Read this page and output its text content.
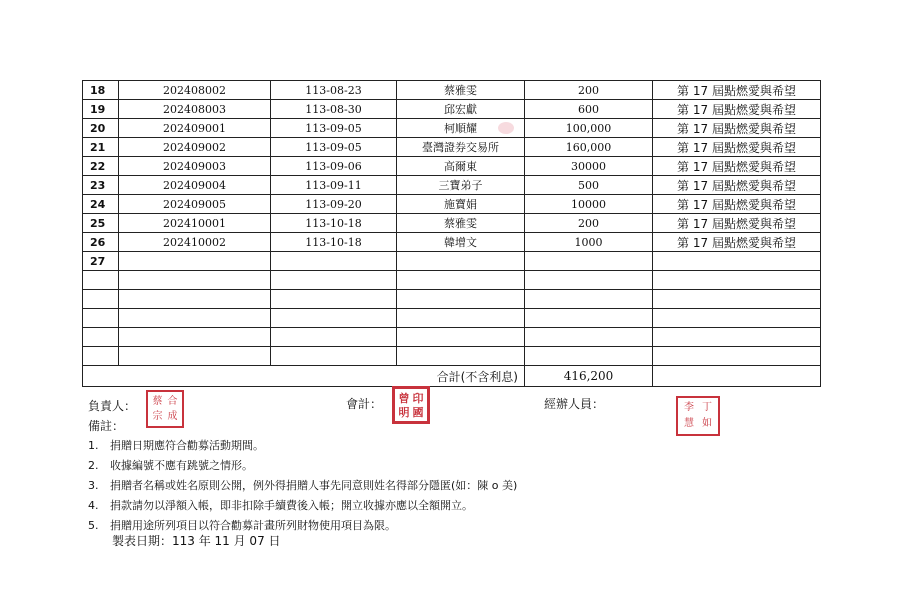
18	202408002	113-08-23	蔡雅雯	200	第 17 屆點燃愛與希望
19	202408003	113-08-30	邱宏獻	600	第 17 屆點燃愛與希望
20	202409001	113-09-05	柯順耀	100,000	第 17 屆點燃愛與希望
21	202409002	113-09-05	臺灣證券交易所	160,000	第 17 屆點燃愛與希望
22	202409003	113-09-06	高爾東	30000	第 17 屆點燃愛與希望
23	202409004	113-09-11	三寶弟子	500	第 17 屆點燃愛與希望
24	202409005	113-09-20	施寶娟	10000	第 17 屆點燃愛與希望
25	202410001	113-10-18	蔡雅雯	200	第 17 屆點燃愛與希望
26	202410002	113-10-18	韓增文	1000	第 17 屆點燃愛與希望
27					

合計(不含利息)				416,200	
負責人： 蔡 合
宗 成
會計： 曾 印
明 國
經辦人員：	李 丁
慧 如
備註：
1. 捐贈日期應符合勸募活動期間。
2. 收據編號不應有跳號之情形。
3. 捐贈者名稱或姓名原則公開，例外得捐贈人事先同意則姓名得部分隱匿(如：陳 o 美)
4. 捐款請勿以淨額入帳，即非扣除手續費後入帳；開立收據亦應以全額開立。
5. 捐贈用途所列項目以符合勸募計畫所列財物使用項目為限。
製表日期：113 年 11 月 07 日
